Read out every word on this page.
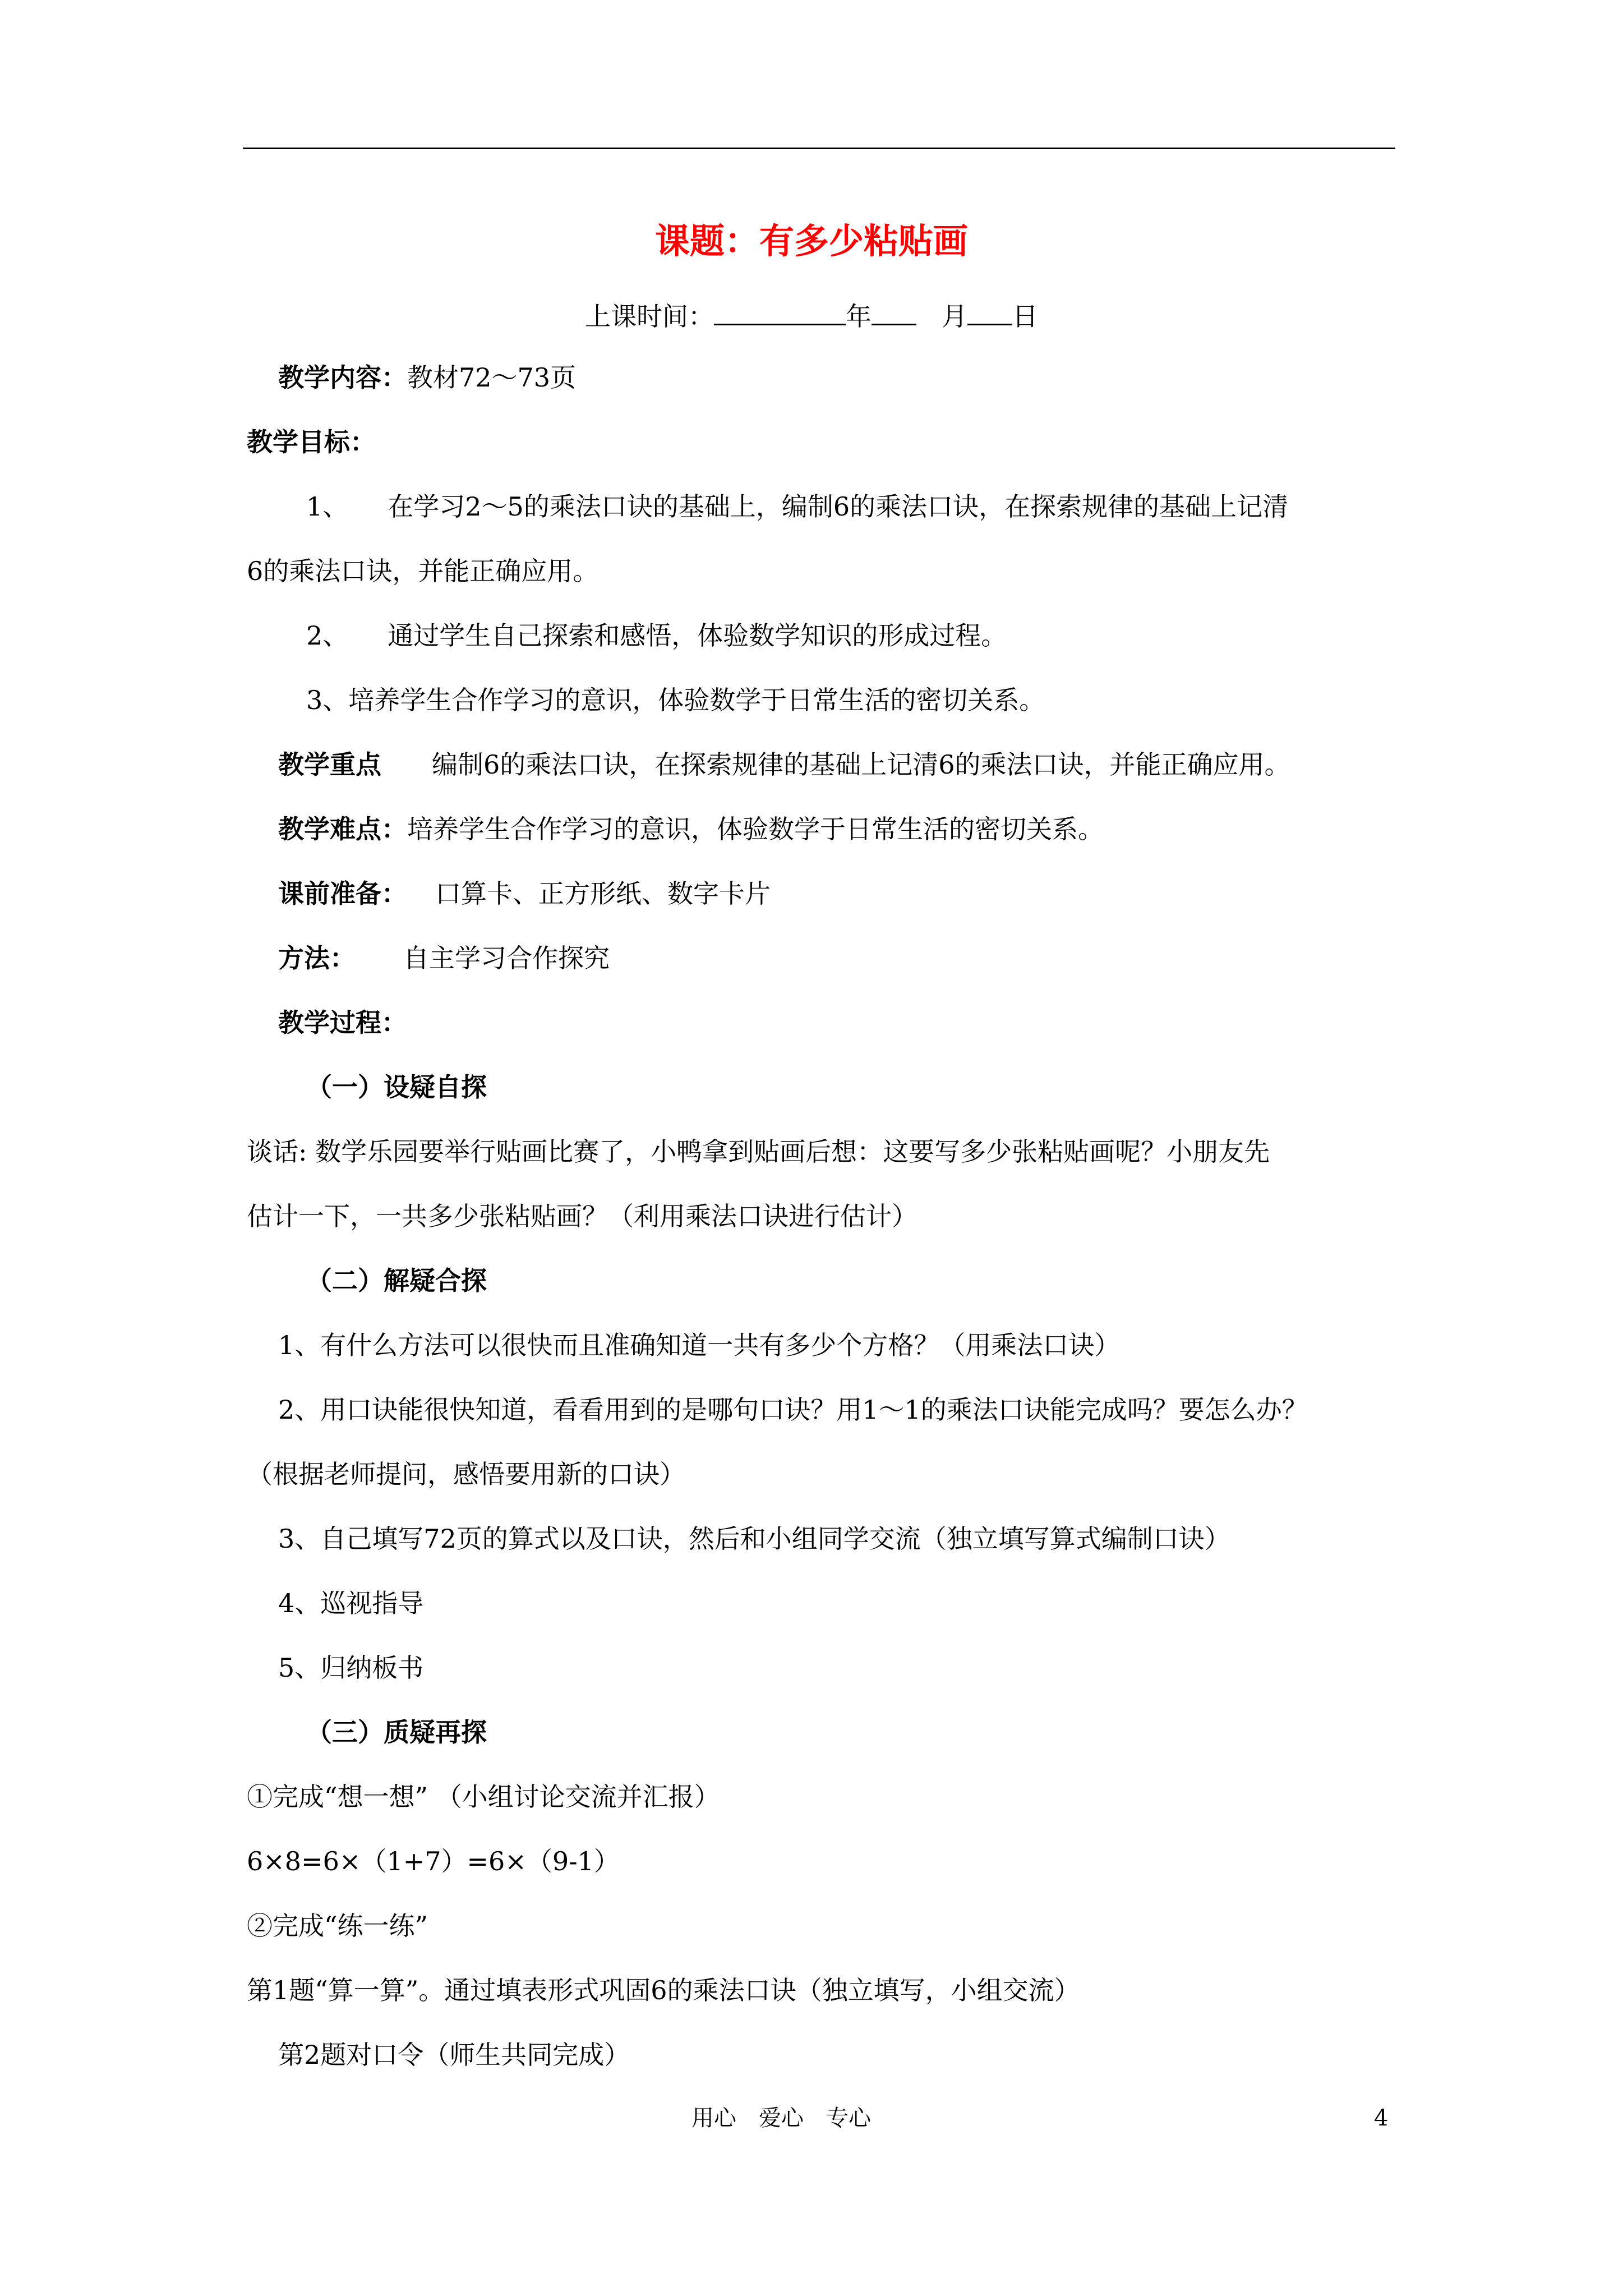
课题：有多少粘贴画
上课时间：	年	月 日
教学内容：教材72～73页
教学目标：
1、 在学习2～5的乘法口诀的基础上，编制6的乘法口诀，在探索规律的基础上记清
6的乘法口诀，并能正确应用。
2、 通过学生自己探索和感悟，体验数学知识的形成过程。
3、培养学生合作学习的意识，体验数学于日常生活的密切关系。
教学重点 编制6的乘法口诀，在探索规律的基础上记清6的乘法口诀，并能正确应用。
教学难点：培养学生合作学习的意识，体验数学于日常生活的密切关系。
课前准备： 口算卡、正方形纸、数字卡片
方法： 自主学习合作探究
教学过程：
（一）设疑自探
谈话: 数学乐园要举行贴画比赛了，小鸭拿到贴画后想：这要写多少张粘贴画呢？小朋友先
估计一下，一共多少张粘贴画？（利用乘法口诀进行估计）
（二）解疑合探
1、有什么方法可以很快而且准确知道一共有多少个方格？（用乘法口诀）
2、用口诀能很快知道，看看用到的是哪句口诀？用1～1的乘法口诀能完成吗？要怎么办？
（根据老师提问，感悟要用新的口诀）
3、自己填写72页的算式以及口诀，然后和小组同学交流（独立填写算式编制口诀）
4、巡视指导
5、归纳板书
（三）质疑再探
①完成“想一想” （小组讨论交流并汇报）
6×8=6×（1+7）=6×（9-1）
②完成“练一练”
第1题“算一算”。通过填表形式巩固6的乘法口诀（独立填写，小组交流）
第2题对口令（师生共同完成）
用心 爱心 专心	4
